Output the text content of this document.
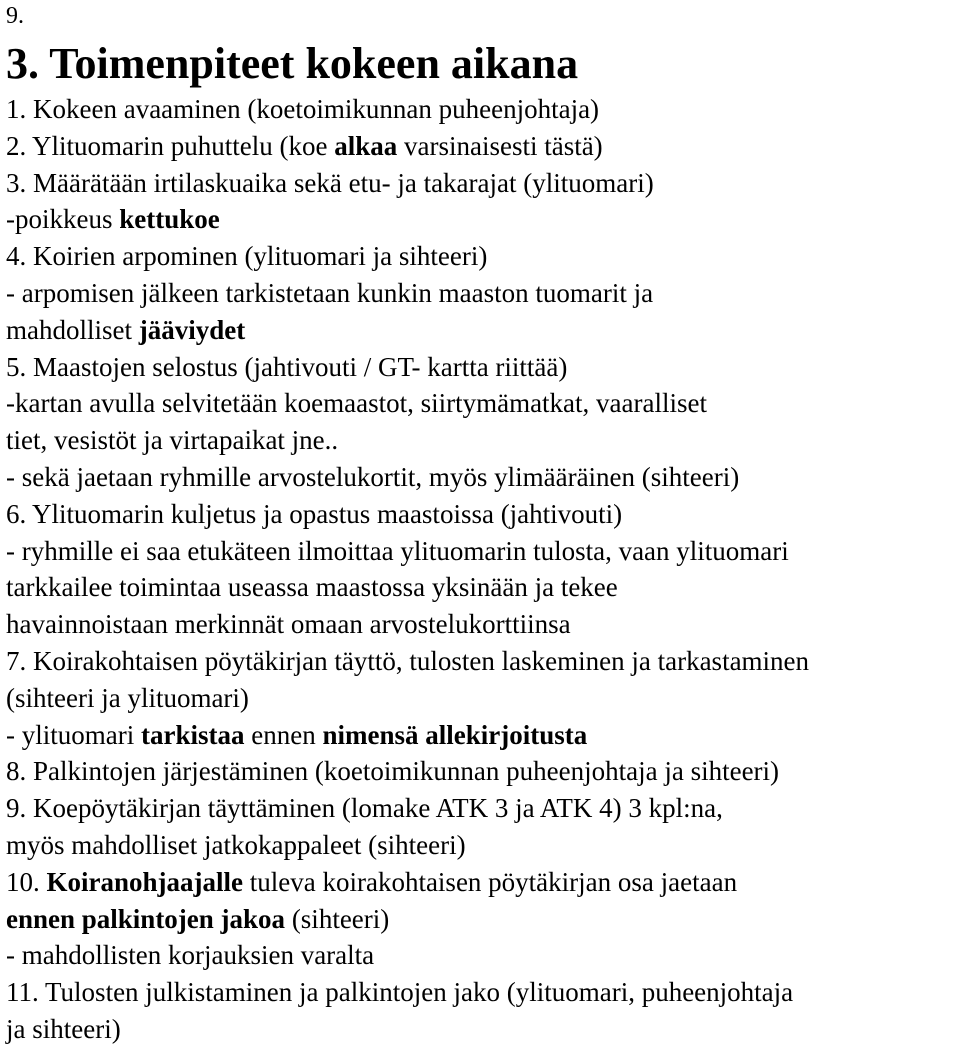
9.
3. Toimenpiteet kokeen aikana
1. Kokeen avaaminen (koetoimikunnan puheenjohtaja)
2. Ylituomarin puhuttelu (koe alkaa varsinaisesti tästä)
3. Määrätään irtilaskuaika sekä etu- ja takarajat (ylituomari)
-poikkeus kettukoe
4. Koirien arpominen (ylituomari ja sihteeri)
- arpomisen jälkeen tarkistetaan kunkin maaston tuomarit ja
mahdolliset jääviydet
5. Maastojen selostus (jahtivouti / GT- kartta riittää)
-kartan avulla selvitetään koemaastot, siirtymämatkat, vaaralliset
tiet, vesistöt ja virtapaikat jne..
- sekä jaetaan ryhmille arvostelukortit, myös ylimääräinen (sihteeri)
6. Ylituomarin kuljetus ja opastus maastoissa (jahtivouti)
- ryhmille ei saa etukäteen ilmoittaa ylituomarin tulosta, vaan ylituomari
tarkkailee toimintaa useassa maastossa yksinään ja tekee
havainnoistaan merkinnät omaan arvostelukorttiinsa
7. Koirakohtaisen pöytäkirjan täyttö, tulosten laskeminen ja tarkastaminen
(sihteeri ja ylituomari)
- ylituomari tarkistaa ennen nimensä allekirjoitusta
8. Palkintojen järjestäminen (koetoimikunnan puheenjohtaja ja sihteeri)
9. Koepöytäkirjan täyttäminen (lomake ATK 3 ja ATK 4) 3 kpl:na,
myös mahdolliset jatkokappaleet (sihteeri)
10. Koiranohjaajalle tuleva koirakohtaisen pöytäkirjan osa jaetaan
ennen palkintojen jakoa (sihteeri)
- mahdollisten korjauksien varalta
11. Tulosten julkistaminen ja palkintojen jako (ylituomari, puheenjohtaja
ja sihteeri)
